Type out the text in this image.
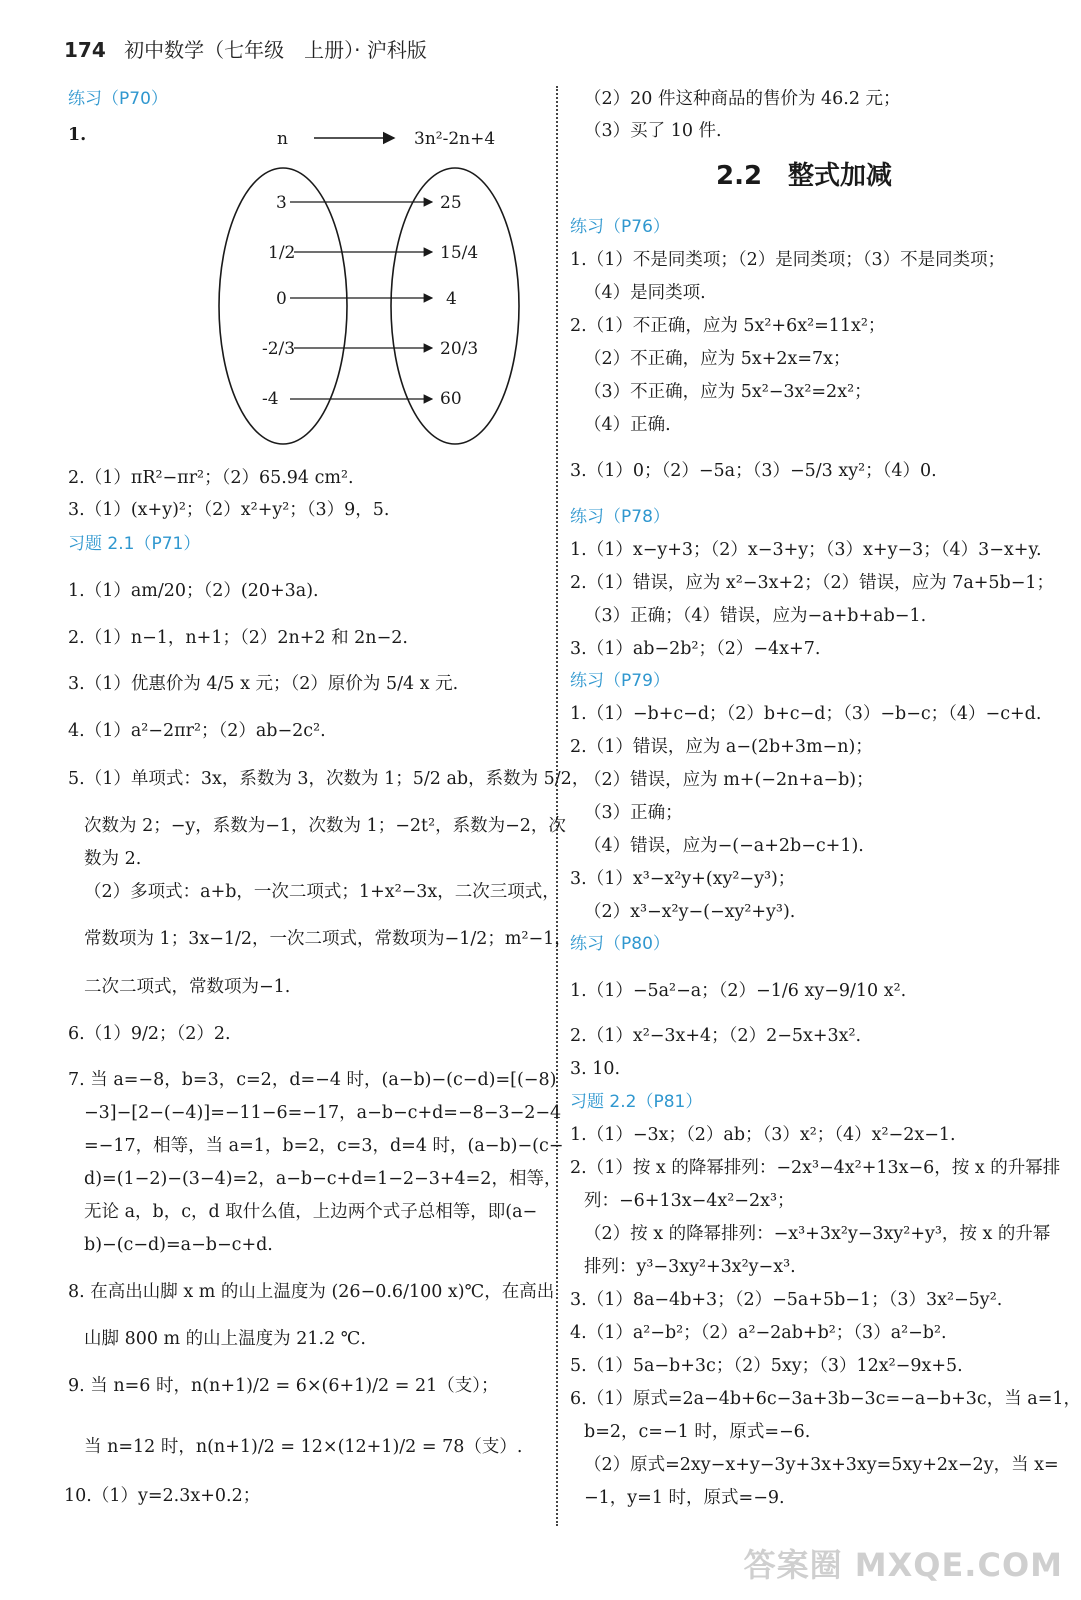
174 初中数学（七年级　上册）· 沪科版
练习（P70）
1.	n	3n²-2n+4
3	25
1/2	15/4
0	4
-2/3	20/3
-4	60
2.（1）πR²−πr²；（2）65.94 cm².
3.（1）(x+y)²；（2）x²+y²；（3）9，5.
习题 2.1（P71）
1.（1）am/20；（2）(20+3a).
2.（1）n−1，n+1；（2）2n+2 和 2n−2.
3.（1）优惠价为 4/5 x 元；（2）原价为 5/4 x 元.
4.（1）a²−2πr²；（2）ab−2c².
5.（1）单项式：3x，系数为 3，次数为 1；5/2 ab，系数为 5/2，
次数为 2；−y，系数为−1，次数为 1；−2t²，系数为−2，次
数为 2.
（2）多项式：a+b，一次二项式；1+x²−3x，二次三项式，
常数项为 1；3x−1/2，一次二项式，常数项为−1/2；m²−1，
二次二项式，常数项为−1.
6.（1）9/2；（2）2.
7. 当 a=−8，b=3，c=2，d=−4 时，(a−b)−(c−d)=[(−8)
−3]−[2−(−4)]=−11−6=−17，a−b−c+d=−8−3−2−4
=−17，相等，当 a=1，b=2，c=3，d=4 时，(a−b)−(c−
d)=(1−2)−(3−4)=2，a−b−c+d=1−2−3+4=2，相等，
无论 a，b，c，d 取什么值，上边两个式子总相等，即(a−
b)−(c−d)=a−b−c+d.
8. 在高出山脚 x m 的山上温度为 (26−0.6/100 x)℃，在高出
山脚 800 m 的山上温度为 21.2 ℃.
9. 当 n=6 时，n(n+1)/2 = 6×(6+1)/2 = 21（支）；
当 n=12 时，n(n+1)/2 = 12×(12+1)/2 = 78（支）.
10.（1）y=2.3x+0.2；
（2）20 件这种商品的售价为 46.2 元；
（3）买了 10 件.
2.2　整式加减
练习（P76）
1.（1）不是同类项；（2）是同类项；（3）不是同类项；
（4）是同类项.
2.（1）不正确，应为 5x²+6x²=11x²；
（2）不正确，应为 5x+2x=7x；
（3）不正确，应为 5x²−3x²=2x²；
（4）正确.
3.（1）0；（2）−5a；（3）−5/3 xy²；（4）0.
练习（P78）
1.（1）x−y+3；（2）x−3+y；（3）x+y−3；（4）3−x+y.
2.（1）错误，应为 x²−3x+2；（2）错误，应为 7a+5b−1；
（3）正确；（4）错误，应为−a+b+ab−1.
3.（1）ab−2b²；（2）−4x+7.
练习（P79）
1.（1）−b+c−d；（2）b+c−d；（3）−b−c；（4）−c+d.
2.（1）错误，应为 a−(2b+3m−n)；
（2）错误，应为 m+(−2n+a−b)；
（3）正确；
（4）错误，应为−(−a+2b−c+1).
3.（1）x³−x²y+(xy²−y³)；
（2）x³−x²y−(−xy²+y³).
练习（P80）
1.（1）−5a²−a；（2）−1/6 xy−9/10 x².
2.（1）x²−3x+4；（2）2−5x+3x².
3. 10.
习题 2.2（P81）
1.（1）−3x；（2）ab；（3）x²；（4）x²−2x−1.
2.（1）按 x 的降幂排列：−2x³−4x²+13x−6，按 x 的升幂排
列：−6+13x−4x²−2x³；
（2）按 x 的降幂排列：−x³+3x²y−3xy²+y³，按 x 的升幂
排列：y³−3xy²+3x²y−x³.
3.（1）8a−4b+3；（2）−5a+5b−1；（3）3x²−5y².
4.（1）a²−b²；（2）a²−2ab+b²；（3）a²−b².
5.（1）5a−b+3c；（2）5xy；（3）12x²−9x+5.
6.（1）原式=2a−4b+6c−3a+3b−3c=−a−b+3c，当 a=1，
b=2，c=−1 时，原式=−6.
（2）原式=2xy−x+y−3y+3x+3xy=5xy+2x−2y，当 x=
−1，y=1 时，原式=−9.
答案圈 MXQE.COM
